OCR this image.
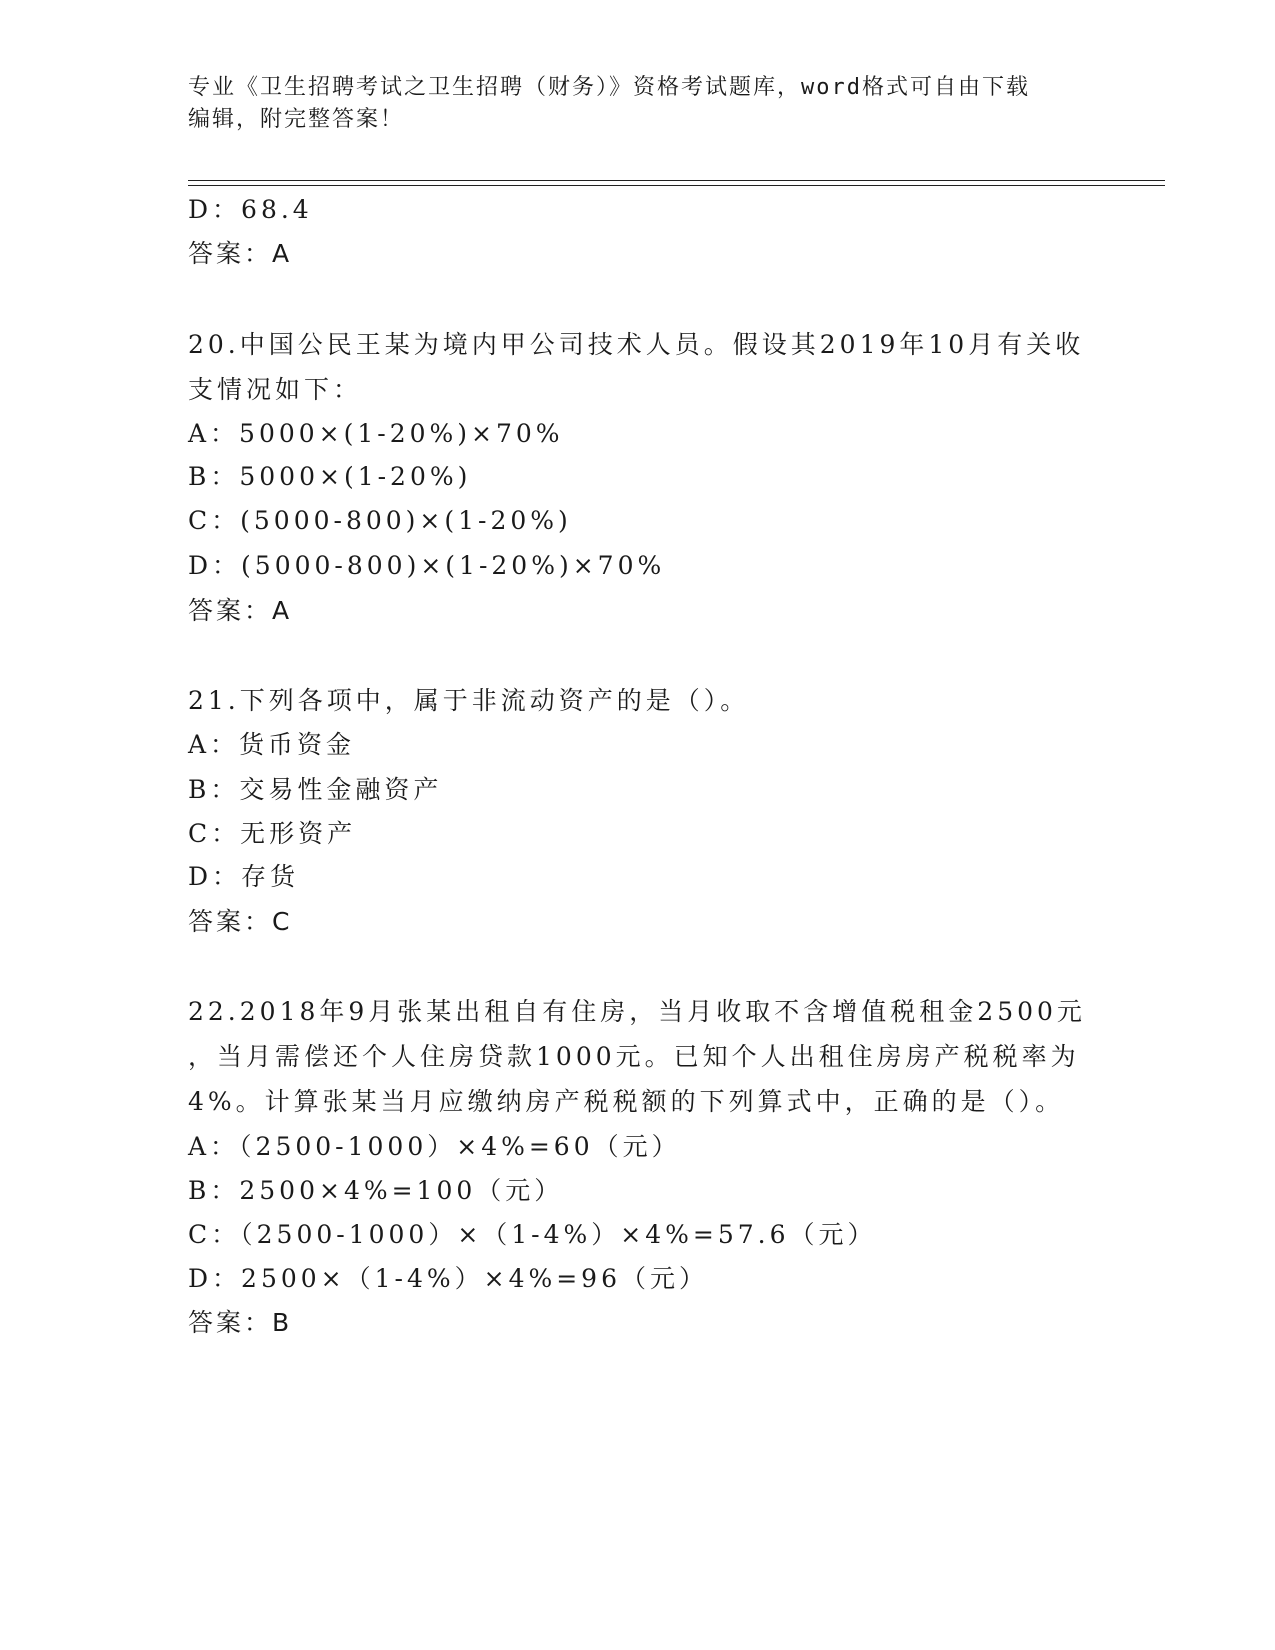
专业《卫生招聘考试之卫生招聘（财务）》资格考试题库，word格式可自由下载
编辑，附完整答案！
D：68.4
答案：A
20.中国公民王某为境内甲公司技术人员。假设其2019年10月有关收
支情况如下：
A：5000×(1-20%)×70%
B：5000×(1-20%)
C：(5000-800)×(1-20%)
D：(5000-800)×(1-20%)×70%
答案：A
21.下列各项中，属于非流动资产的是（）。
A：货币资金
B：交易性金融资产
C：无形资产
D：存货
答案：C
22.2018年9月张某出租自有住房，当月收取不含增值税租金2500元
，当月需偿还个人住房贷款1000元。已知个人出租住房房产税税率为
4%。计算张某当月应缴纳房产税税额的下列算式中，正确的是（）。
A：（2500-1000）×4%=60（元）
B：2500×4%=100（元）
C：（2500-1000）×（1-4%）×4%=57.6（元）
D：2500×（1-4%）×4%=96（元）
答案：B
